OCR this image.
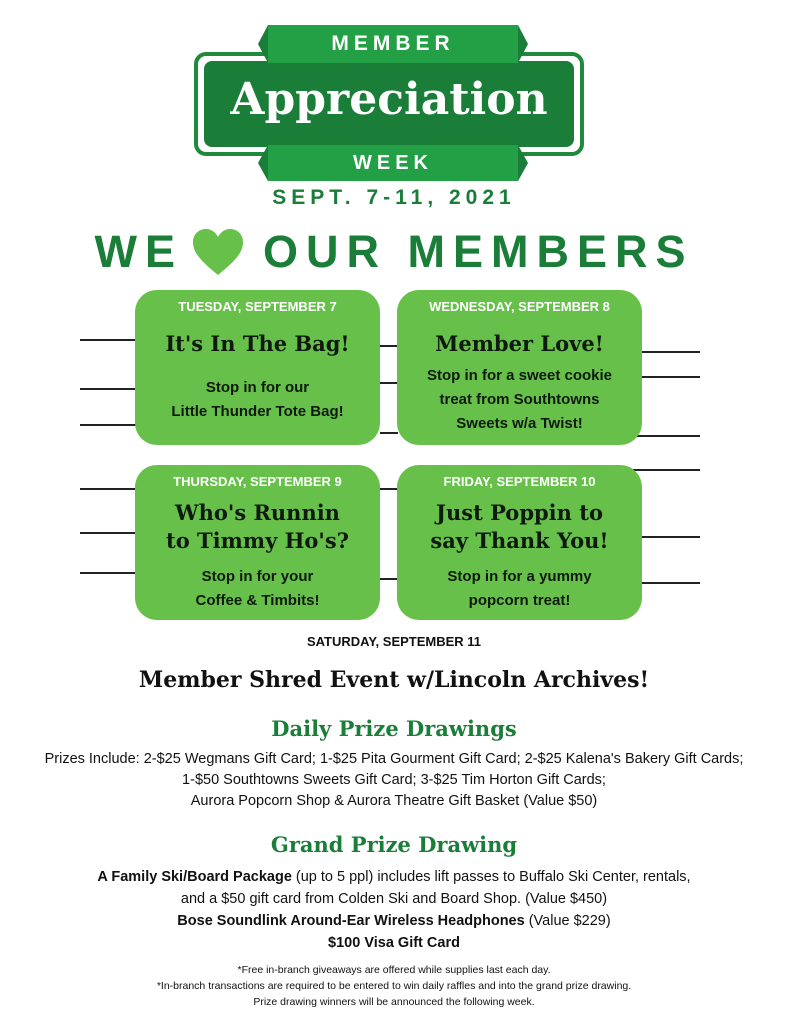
MEMBER
Appreciation
WEEK
SEPT. 7-11, 2021
WE OUR MEMBERS
TUESDAY, SEPTEMBER 7
It's In The Bag!
Stop in for our
Little Thunder Tote Bag!
WEDNESDAY, SEPTEMBER 8
Member Love!
Stop in for a sweet cookie
treat from Southtowns
Sweets w/a Twist!
THURSDAY, SEPTEMBER 9
Who's Runnin
to Timmy Ho's?
Stop in for your
Coffee & Timbits!
FRIDAY, SEPTEMBER 10
Just Poppin to
say Thank You!
Stop in for a yummy
popcorn treat!
SATURDAY, SEPTEMBER 11
Member Shred Event w/Lincoln Archives!
Daily Prize Drawings
Prizes Include: 2-$25 Wegmans Gift Card; 1-$25 Pita Gourment Gift Card; 2-$25 Kalena's Bakery Gift Cards;
1-$50 Southtowns Sweets Gift Card; 3-$25 Tim Horton Gift Cards;
Aurora Popcorn Shop & Aurora Theatre Gift Basket (Value $50)
Grand Prize Drawing
A Family Ski/Board Package (up to 5 ppl) includes lift passes to Buffalo Ski Center, rentals,
and a $50 gift card from Colden Ski and Board Shop. (Value $450)
Bose Soundlink Around-Ear Wireless Headphones (Value $229)
$100 Visa Gift Card
*Free in-branch giveaways are offered while supplies last each day.
*In-branch transactions are required to be entered to win daily raffles and into the grand prize drawing.
Prize drawing winners will be announced the following week.
